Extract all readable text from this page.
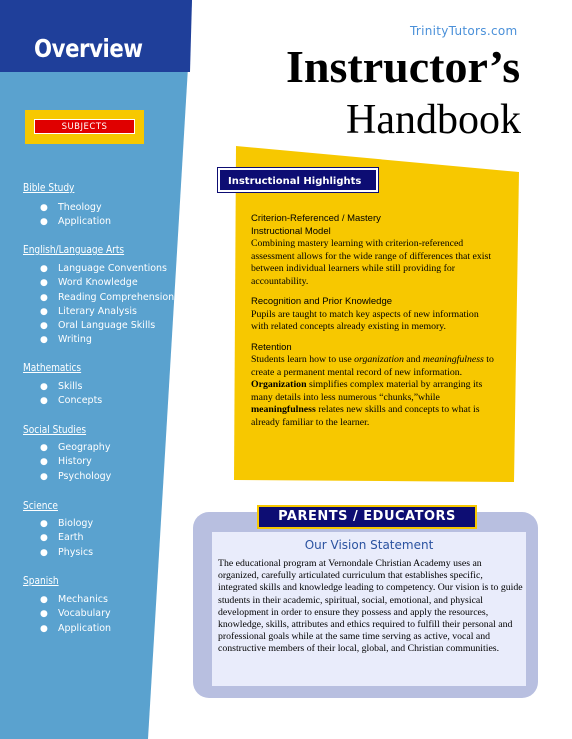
Overview
SUBJECTS
Bible Study
● Theology
● Application
English/Language Arts
● Language Conventions
● Word Knowledge
● Reading Comprehension
● Literary Analysis
● Oral Language Skills
● Writing
Mathematics
● Skills
● Concepts
Social Studies
● Geography
● History
● Psychology
Science
● Biology
● Earth
● Physics
Spanish
● Mechanics
● Vocabulary
● Application
TrinityTutors.com
Instructor’s
Handbook
Instructional Highlights
Criterion-Referenced / Mastery
Instructional Model
Combining mastery learning with criterion-referenced assessment allows for the wide range of differences that exist between individual learners while still providing for accountability.
Recognition and Prior Knowledge
Pupils are taught to match key aspects of new information with related concepts already existing in memory.
Retention
Students learn how to use organization and meaningfulness to create a permanent mental record of new information. Organization simplifies complex material by arranging its many details into less numerous “chunks,”while meaningfulness relates new skills and concepts to what is already familiar to the learner.
PARENTS / EDUCATORS
Our Vision Statement
The educational program at Vernondale Christian Academy uses an organized, carefully articulated curriculum that establishes specific, integrated skills and knowledge leading to competency. Our vision is to guide students in their academic, spiritual, social, emotional, and physical development in order to ensure they possess and apply the resources, knowledge, skills, attributes and ethics required to fulfill their personal and professional goals while at the same time serving as active, vocal and constructive members of their local, global, and Christian communities.
